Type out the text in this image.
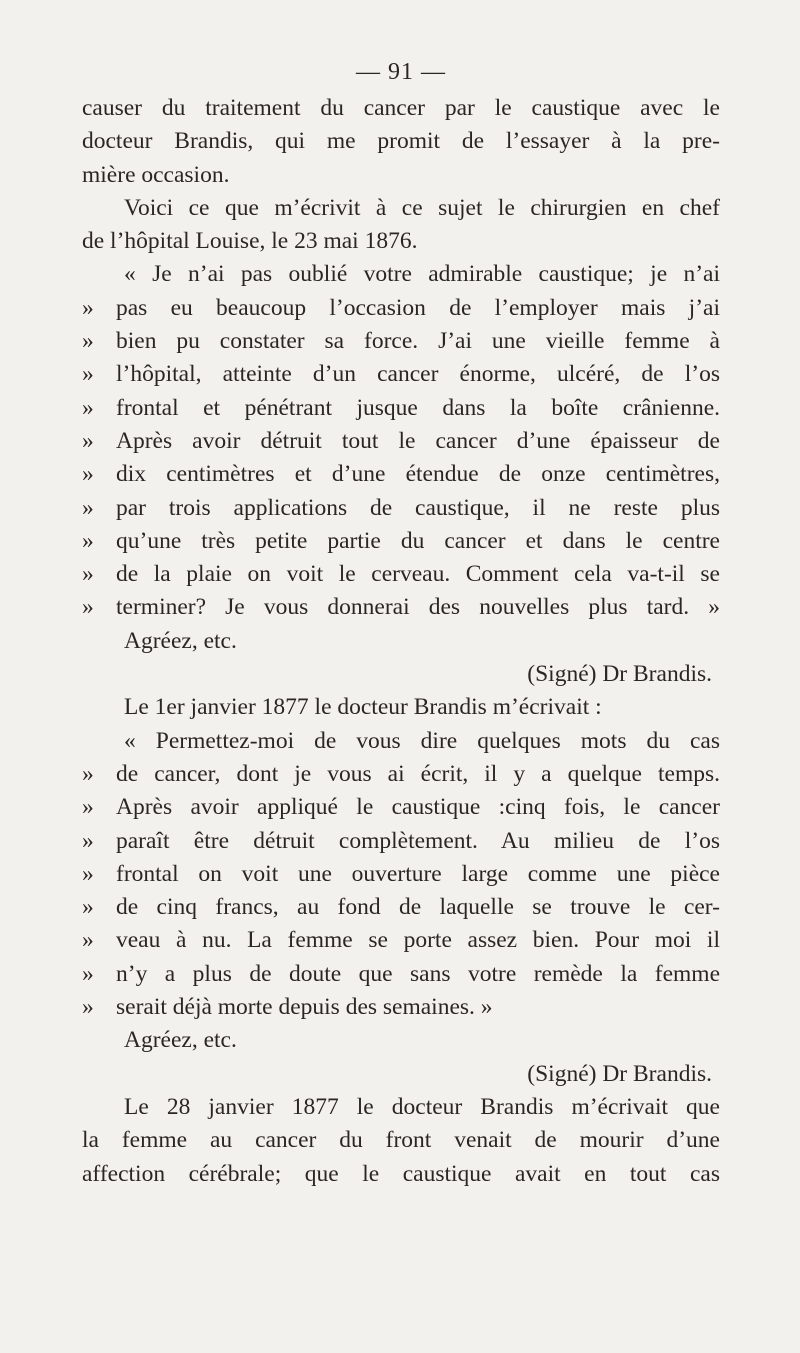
— 91 —
causer du traitement du cancer par le caustique avec le
docteur Brandis, qui me promit de l’essayer à la pre-
mière occasion.
Voici ce que m’écrivit à ce sujet le chirurgien en chef
de l’hôpital Louise, le 23 mai 1876.
« Je n’ai pas oublié votre admirable caustique; je n’ai
» pas eu beaucoup l’occasion de l’employer mais j’ai
» bien pu constater sa force. J’ai une vieille femme à
» l’hôpital, atteinte d’un cancer énorme, ulcéré, de l’os
» frontal et pénétrant jusque dans la boîte crânienne.
» Après avoir détruit tout le cancer d’une épaisseur de
» dix centimètres et d’une étendue de onze centimètres,
» par trois applications de caustique, il ne reste plus
» qu’une très petite partie du cancer et dans le centre
» de la plaie on voit le cerveau. Comment cela va-t-il se
» terminer? Je vous donnerai des nouvelles plus tard. »
Agréez, etc.
(Signé) Dr Brandis.
Le 1er janvier 1877 le docteur Brandis m’écrivait :
« Permettez-moi de vous dire quelques mots du cas
» de cancer, dont je vous ai écrit, il y a quelque temps.
» Après avoir appliqué le caustique :cinq fois, le cancer
» paraît être détruit complètement. Au milieu de l’os
» frontal on voit une ouverture large comme une pièce
» de cinq francs, au fond de laquelle se trouve le cer-
» veau à nu. La femme se porte assez bien. Pour moi il
» n’y a plus de doute que sans votre remède la femme
» serait déjà morte depuis des semaines. »
Agréez, etc.
(Signé) Dr Brandis.
Le 28 janvier 1877 le docteur Brandis m’écrivait que
la femme au cancer du front venait de mourir d’une
affection cérébrale; que le caustique avait en tout cas
